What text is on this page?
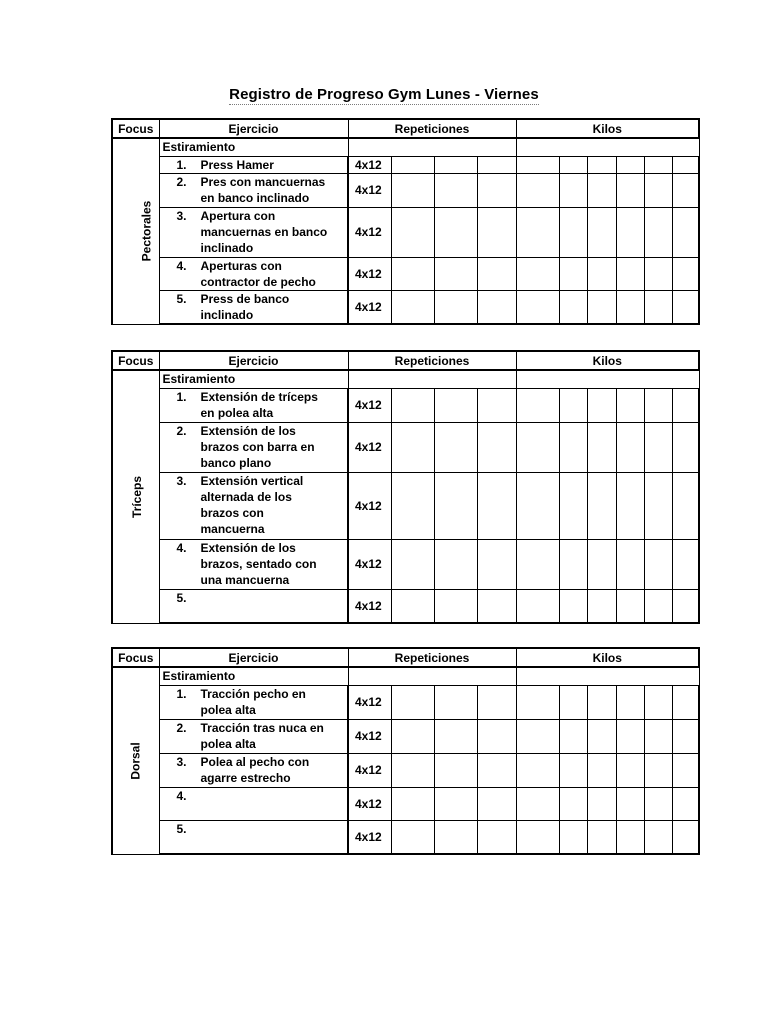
Registro de Progreso Gym Lunes - Viernes
Focus	Ejercicio	Repeticiones				Kilos					
Pectorales	Estiramiento										

	1. Press Hamer	4x12									

	2. Pres con mancuernas
en banco inclinado	4x12									

	3. Apertura con
mancuernas en banco
inclinado	4x12									

	4. Aperturas con
contractor de pecho	4x12									

	5. Press de banco
inclinado	4x12									
Focus	Ejercicio	Repeticiones				Kilos					
Tríceps	Estiramiento										

	1. Extensión de tríceps
en polea alta	4x12									

	2. Extensión de los
brazos con barra en
banco plano	4x12									

	3. Extensión vertical
alternada de los
brazos con
mancuerna	4x12									

	4. Extensión de los
brazos, sentado con
una mancuerna	4x12									

	5.	4x12									
Focus	Ejercicio	Repeticiones				Kilos					
Dorsal	Estiramiento										

	1. Tracción pecho en
polea alta	4x12									

	2. Tracción tras nuca en
polea alta	4x12									

	3. Polea al pecho con
agarre estrecho	4x12									

	4.	4x12									

	5.	4x12									
